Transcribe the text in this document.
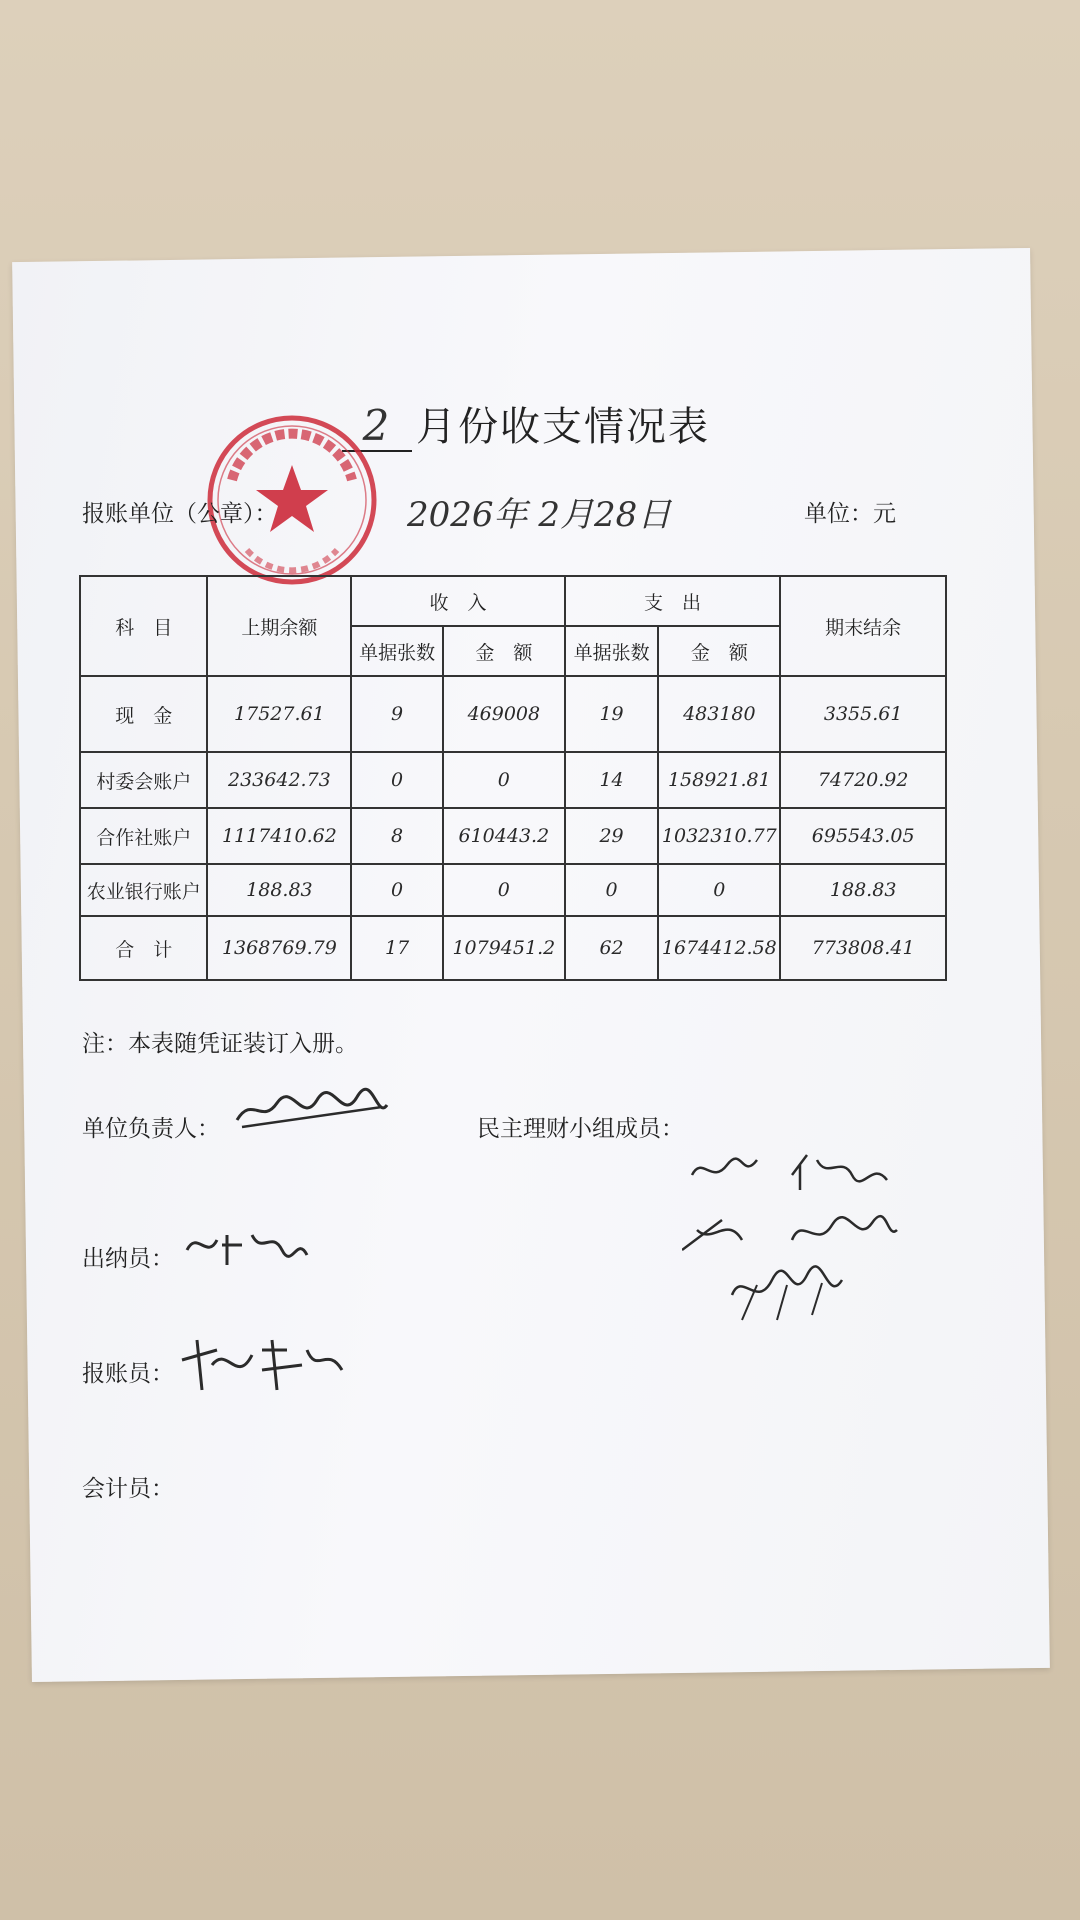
2 月份收支情况表
报账单位（公章）：	2026年 2月28日	单位：元
科　目	上期余额	收　入		支　出		期末结余
		单据张数	金　额	单据张数	金　额	
现　金	17527.61	9	469008	19	483180	3355.61
村委会账户	233642.73	0	0	14	158921.81	74720.92
合作社账户	1117410.62	8	610443.2	29	1032310.77	695543.05
农业银行账户	188.83	0	0	0	0	188.83
合　计	1368769.79	17	1079451.2	62	1674412.58	773808.41
注：本表随凭证装订入册。
单位负责人：	民主理财小组成员：
出纳员：
报账员：
会计员：
